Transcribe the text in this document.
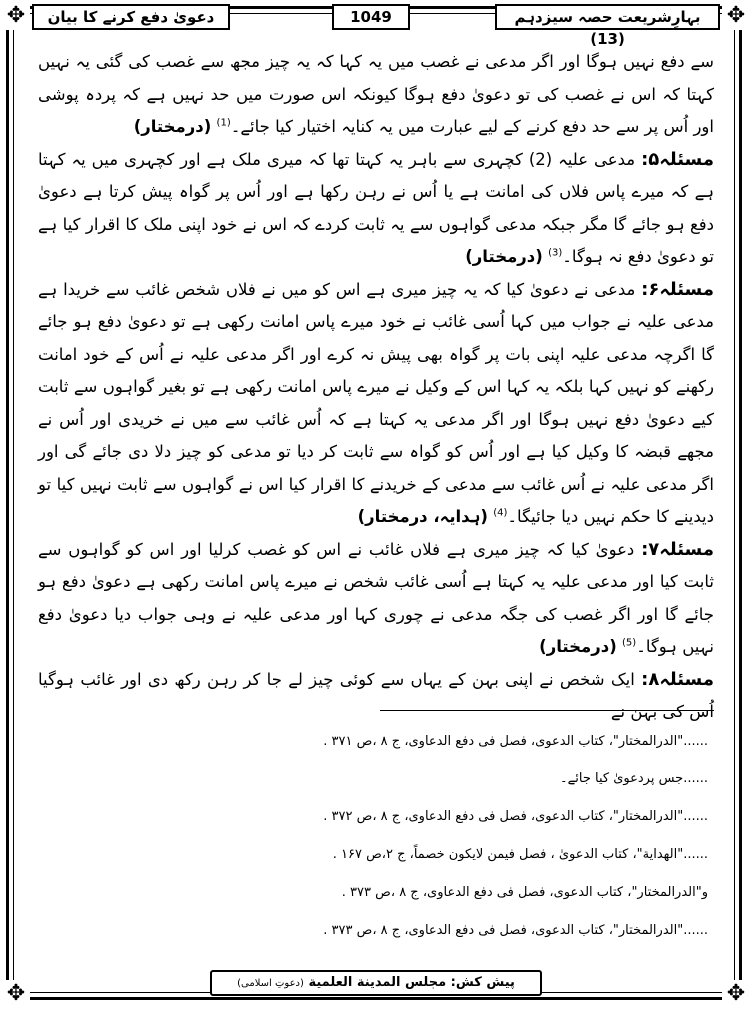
✥	✥
✥	✥
بہارِشریعت حصہ سیزدہم (13)
1049
دعویٰ دفع کرنے کا بیان

سے دفع نہیں ہوگا اور اگر مدعی نے غصب میں یہ کہا کہ یہ چیز مجھ سے غصب کی گئی یہ نہیں کہتا کہ اس نے غصب کی تو دعویٰ دفع ہوگا کیونکہ اس صورت میں حد نہیں ہے کہ پردہ پوشی اور اُس پر سے حد دفع کرنے کے لیے عبارت میں یہ کنایہ اختیار کیا جائے۔$^{(1)}$ (درمختار)

مسئلہ۵: مدعی علیہ (2) کچہری سے باہر یہ کہتا تھا کہ میری ملک ہے اور کچہری میں یہ کہتا ہے کہ میرے پاس فلاں کی امانت ہے یا اُس نے رہن رکھا ہے اور اُس پر گواہ پیش کرتا ہے دعویٰ دفع ہو جائے گا مگر جبکہ مدعی گواہوں سے یہ ثابت کردے کہ اس نے خود اپنی ملک کا اقرار کیا ہے تو دعویٰ دفع نہ ہوگا۔$^{(3)}$ (درمختار)

مسئلہ۶: مدعی نے دعویٰ کیا کہ یہ چیز میری ہے اس کو میں نے فلاں شخص غائب سے خریدا ہے مدعی علیہ نے جواب میں کہا اُسی غائب نے خود میرے پاس امانت رکھی ہے تو دعویٰ دفع ہو جائے گا اگرچہ مدعی علیہ اپنی بات پر گواہ بھی پیش نہ کرے اور اگر مدعی علیہ نے اُس کے خود امانت رکھنے کو نہیں کہا بلکہ یہ کہا اس کے وکیل نے میرے پاس امانت رکھی ہے تو بغیر گواہوں سے ثابت کیے دعویٰ دفع نہیں ہوگا اور اگر مدعی یہ کہتا ہے کہ اُس غائب سے میں نے خریدی اور اُس نے مجھے قبضہ کا وکیل کیا ہے اور اُس کو گواہ سے ثابت کر دیا تو مدعی کو چیز دلا دی جائے گی اور اگر مدعی علیہ نے اُس غائب سے مدعی کے خریدنے کا اقرار کیا اس نے گواہوں سے ثابت نہیں کیا تو دیدینے کا حکم نہیں دیا جائیگا۔$^{(4)}$ (ہدایہ، درمختار)

مسئلہ۷: دعویٰ کیا کہ چیز میری ہے فلاں غائب نے اس کو غصب کرلیا اور اس کو گواہوں سے ثابت کیا اور مدعی علیہ یہ کہتا ہے اُسی غائب شخص نے میرے پاس امانت رکھی ہے دعویٰ دفع ہو جائے گا اور اگر غصب کی جگہ مدعی نے چوری کہا اور مدعی علیہ نے وہی جواب دیا دعویٰ دفع نہیں ہوگا۔$^{(5)}$ (درمختار)

مسئلہ۸: ایک شخص نے اپنی بہن کے یہاں سے کوئی چیز لے جا کر رہن رکھ دی اور غائب ہوگیا اُس کی بہن نے

......"الدرالمختار"، کتاب الدعوی، فصل فی دفع الدعاوی، ج ۸ ،ص ۳۷۱ .
......جس پردعویٰ کیا جائے۔
......"الدرالمختار"، کتاب الدعوی، فصل فی دفع الدعاوی، ج ۸ ،ص ۳۷۲ .
......"الهداية"، کتاب الدعویٰ ، فصل فیمن لایکون خصماً، ج ۲،ص ۱۶۷ .
و"الدرالمختار"، کتاب الدعوی، فصل فی دفع الدعاوی، ج ۸ ،ص ۳۷۳ .
......"الدرالمختار"، کتاب الدعوی، فصل فی دفع الدعاوی، ج ۸ ،ص ۳۷۳ .
پیش کش: مجلس المدينة العلمية (دعوتِ اسلامی)
